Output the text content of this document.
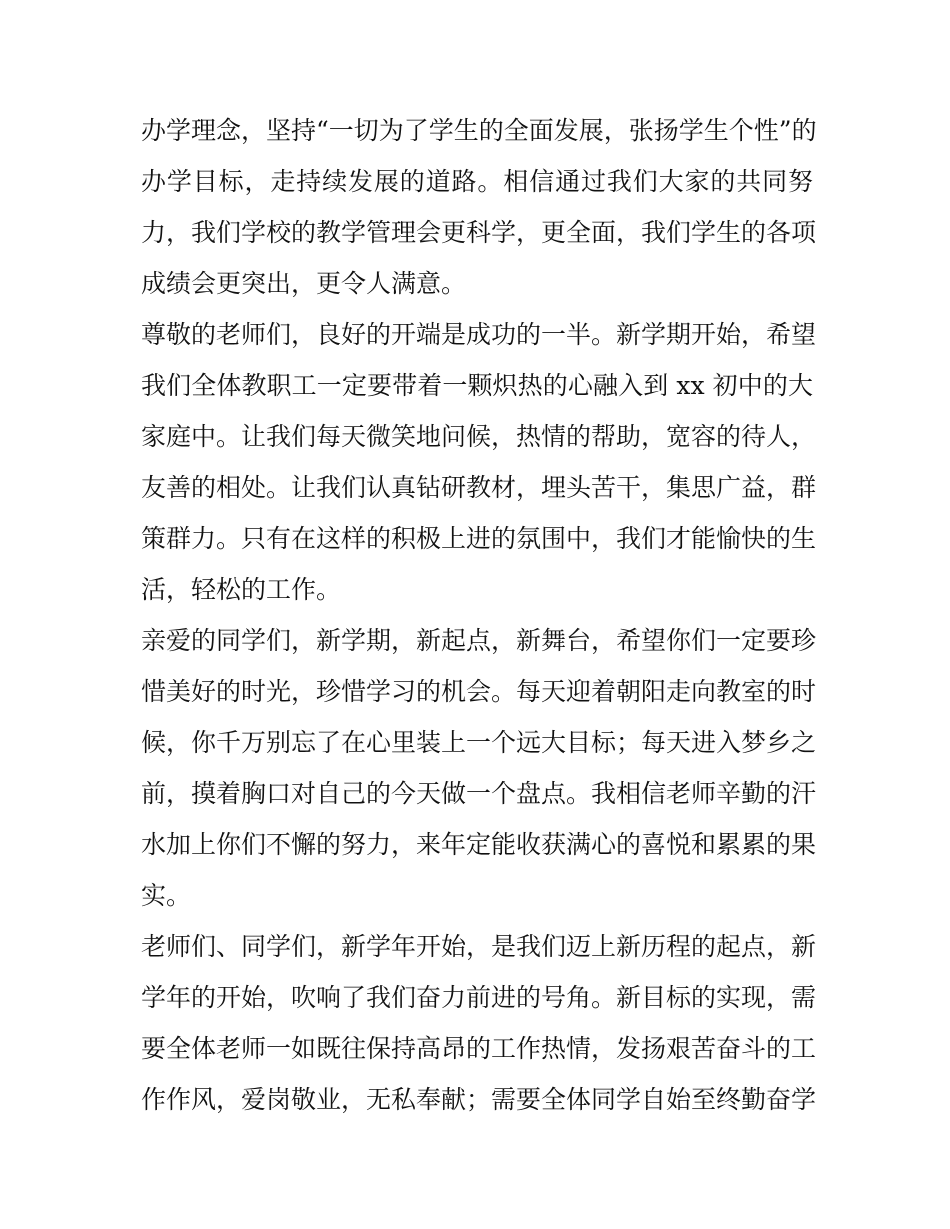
办学理念，坚持“一切为了学生的全面发展，张扬学生个性”的
办学目标，走持续发展的道路。相信通过我们大家的共同努
力，我们学校的教学管理会更科学，更全面，我们学生的各项
成绩会更突出，更令人满意。
尊敬的老师们，良好的开端是成功的一半。新学期开始，希望
我们全体教职工一定要带着一颗炽热的心融入到 xx 初中的大
家庭中。让我们每天微笑地问候，热情的帮助，宽容的待人，
友善的相处。让我们认真钻研教材，埋头苦干，集思广益，群
策群力。只有在这样的积极上进的氛围中，我们才能愉快的生
活，轻松的工作。
亲爱的同学们，新学期，新起点，新舞台，希望你们一定要珍
惜美好的时光，珍惜学习的机会。每天迎着朝阳走向教室的时
候，你千万别忘了在心里装上一个远大目标；每天进入梦乡之
前，摸着胸口对自己的今天做一个盘点。我相信老师辛勤的汗
水加上你们不懈的努力，来年定能收获满心的喜悦和累累的果
实。
老师们、同学们，新学年开始，是我们迈上新历程的起点，新
学年的开始，吹响了我们奋力前进的号角。新目标的实现，需
要全体老师一如既往保持高昂的工作热情，发扬艰苦奋斗的工
作作风，爱岗敬业，无私奉献；需要全体同学自始至终勤奋学
